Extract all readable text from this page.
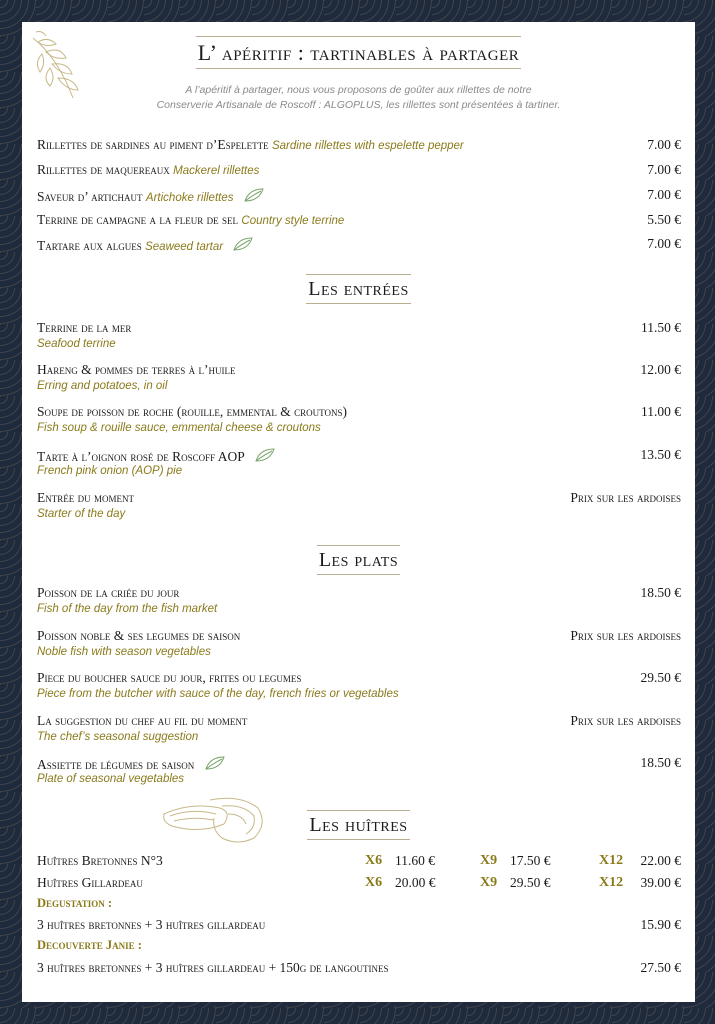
L’ apéritif : tartinables à partager
A l’apéritif à partager, nous vous proposons de goûter aux rillettes de notre
Conserverie Artisanale de Roscoff : ALGOPLUS, les rillettes sont présentées à tartiner.
Rillettes de sardines au piment d’Espelette Sardine rillettes with espelette pepper	7.00 €
Rillettes de maquereaux Mackerel rillettes	7.00 €
Saveur d’ artichaut Artichoke rillettes	7.00 €
Terrine de campagne a la fleur de sel Country style terrine	5.50 €
Tartare aux algues Seaweed tartar	7.00 €
Les entrées
Terrine de la mer
Seafood terrine
11.50 €
Hareng & pommes de terres à l’huile
Erring and potatoes, in oil
12.00 €
Soupe de poisson de roche (rouille, emmental & croutons)
Fish soup & rouille sauce, emmental cheese & croutons
11.00 €
Tarte à l’oignon rosé de Roscoff AOP
French pink onion (AOP) pie
13.50 €
Entrée du moment
Starter of the day
Prix sur les ardoises
Les plats
Poisson de la criée du jour
Fish of the day from the fish market
18.50 €
Poisson noble & ses legumes de saison
Noble fish with season vegetables
Prix sur les ardoises
Piece du boucher sauce du jour, frites ou legumes
Piece from the butcher with sauce of the day, french fries or vegetables
29.50 €
La suggestion du chef au fil du moment
The chef’s seasonal suggestion
Prix sur les ardoises
Assiette de légumes de saison
Plate of seasonal vegetables
18.50 €
Les huîtres
Huîtres Bretonnes N°3	X6 11.60 €	X9 17.50 €	X12 22.00 €
Huîtres Gillardeau	X6 20.00 €	X9 29.50 €	X12 39.00 €
Degustation :
3 huîtres bretonnes + 3 huîtres gillardeau	15.90 €
Decouverte Janie :
3 huîtres bretonnes + 3 huîtres gillardeau + 150g de langoutines	27.50 €
